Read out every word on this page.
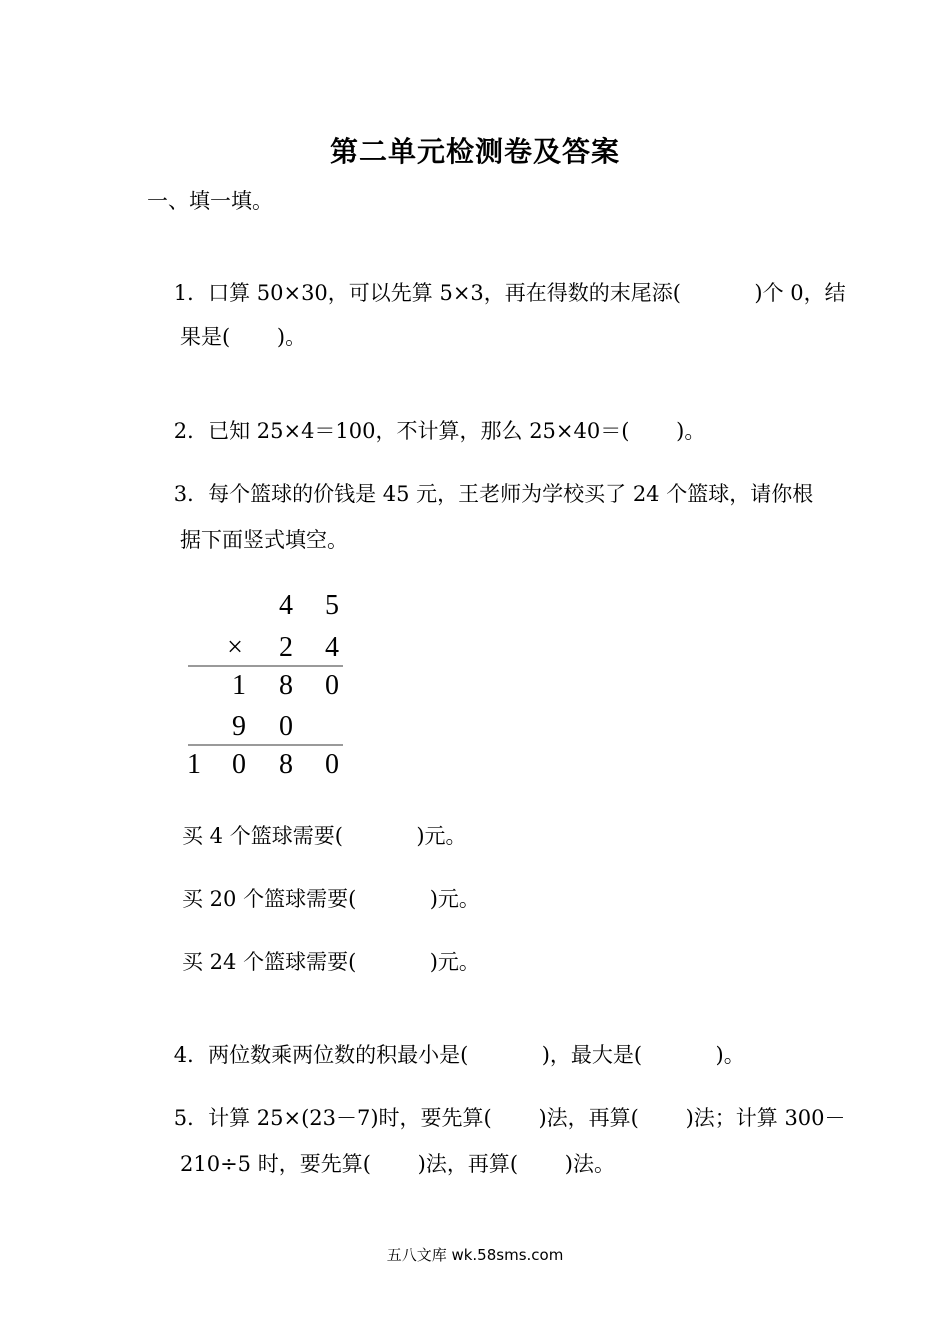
第二单元检测卷及答案
一、填一填。

1．口算 50×30，可以先算 5×3，再在得数的末尾添(           )个 0，结

果是(       )。

2．已知 25×4＝100，不计算，那么 25×40＝(       )。

3．每个篮球的价钱是 45 元，王老师为学校买了 24 个篮球，请你根

据下面竖式填空。
4 5
× 2 4
1 8 0
9 0
1 0 8 0
买 4 个篮球需要(           )元。
买 20 个篮球需要(           )元。
买 24 个篮球需要(           )元。

4．两位数乘两位数的积最小是(           )，最大是(           )。

5．计算 25×(23－7)时，要先算(       )法，再算(       )法；计算 300－

210÷5 时，要先算(       )法，再算(       )法。
五八文库 wk.58sms.com
